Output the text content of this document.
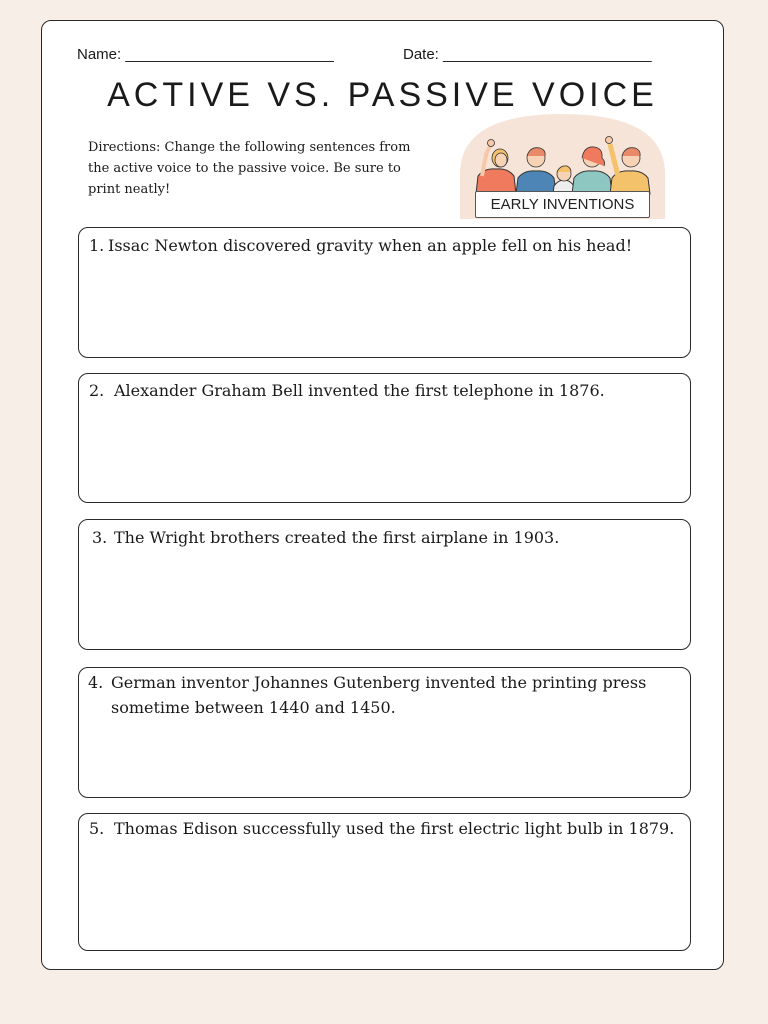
Name: _________________________	Date: _________________________
ACTIVE VS. PASSIVE VOICE
Directions: Change the following sentences from the active voice to the passive voice. Be sure to print neatly!
EARLY INVENTIONS
1. Issac Newton discovered gravity when an apple fell on his head!
2. Alexander Graham Bell invented the first telephone in 1876.
3. The Wright brothers created the first airplane in 1903.
4. German inventor Johannes Gutenberg invented the printing press
sometime between 1440 and 1450.
5. Thomas Edison successfully used the first electric light bulb in 1879.
